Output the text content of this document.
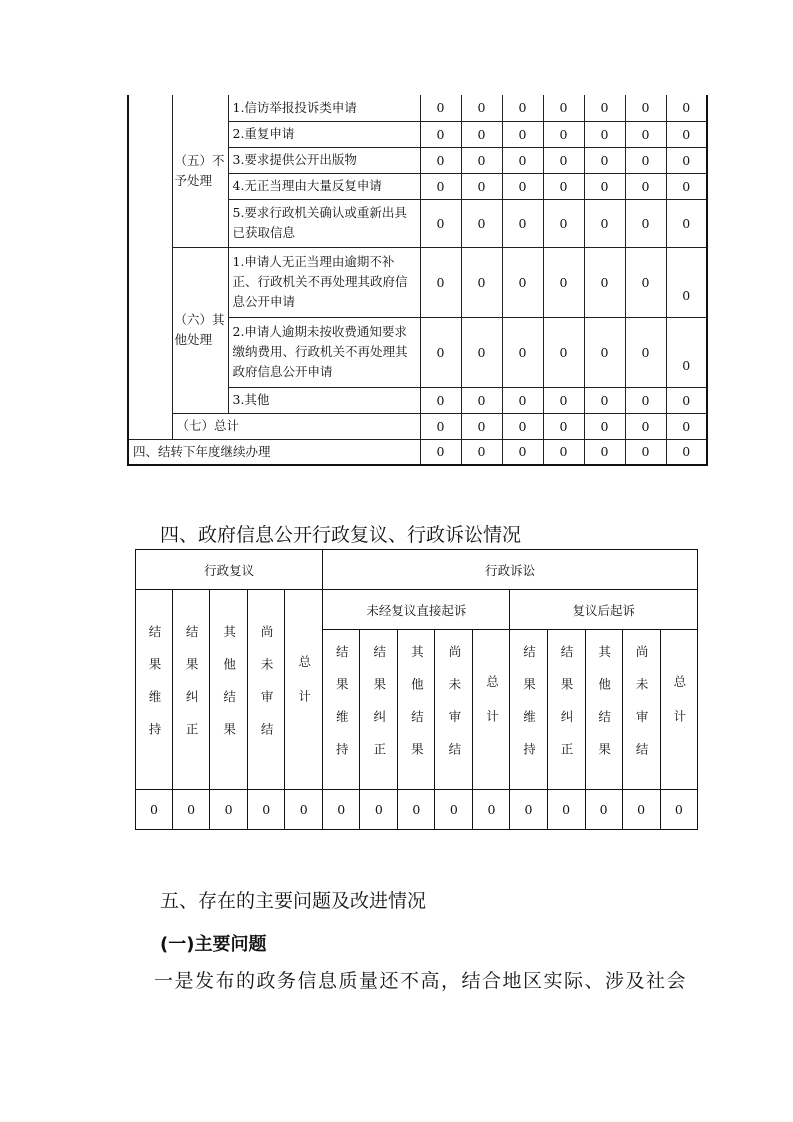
	（五）不予处理	1.信访举报投诉类申请	0	0	0	0	0	0	0
		2.重复申请	0	0	0	0	0	0	0
		3.要求提供公开出版物	0	0	0	0	0	0	0
		4.无正当理由大量反复申请	0	0	0	0	0	0	0
		5.要求行政机关确认或重新出具已获取信息	0	0	0	0	0	0	0
	（六）其他处理	1.申请人无正当理由逾期不补正、行政机关不再处理其政府信息公开申请	0	0	0	0	0	0	0
		2.申请人逾期未按收费通知要求缴纳费用、行政机关不再处理其政府信息公开申请	0	0	0	0	0	0	0
		3.其他	0	0	0	0	0	0	0
	（七）总计		0	0	0	0	0	0	0
四、结转下年度继续办理			0	0	0	0	0	0	0
四、政府信息公开行政复议、行政诉讼情况
行政复议					行政诉讼									
结果维持	结果纠正	其他结果	尚未审结	总计	未经复议直接起诉					复议后起诉				
					结果维持	结果纠正	其他结果	尚未审结	总计	结果维持	结果纠正	其他结果	尚未审结	总计
0	0	0	0	0	0	0	0	0	0	0	0	0	0	0
五、存在的主要问题及改进情况
(一)主要问题
一是发布的政务信息质量还不高，结合地区实际、涉及社会
